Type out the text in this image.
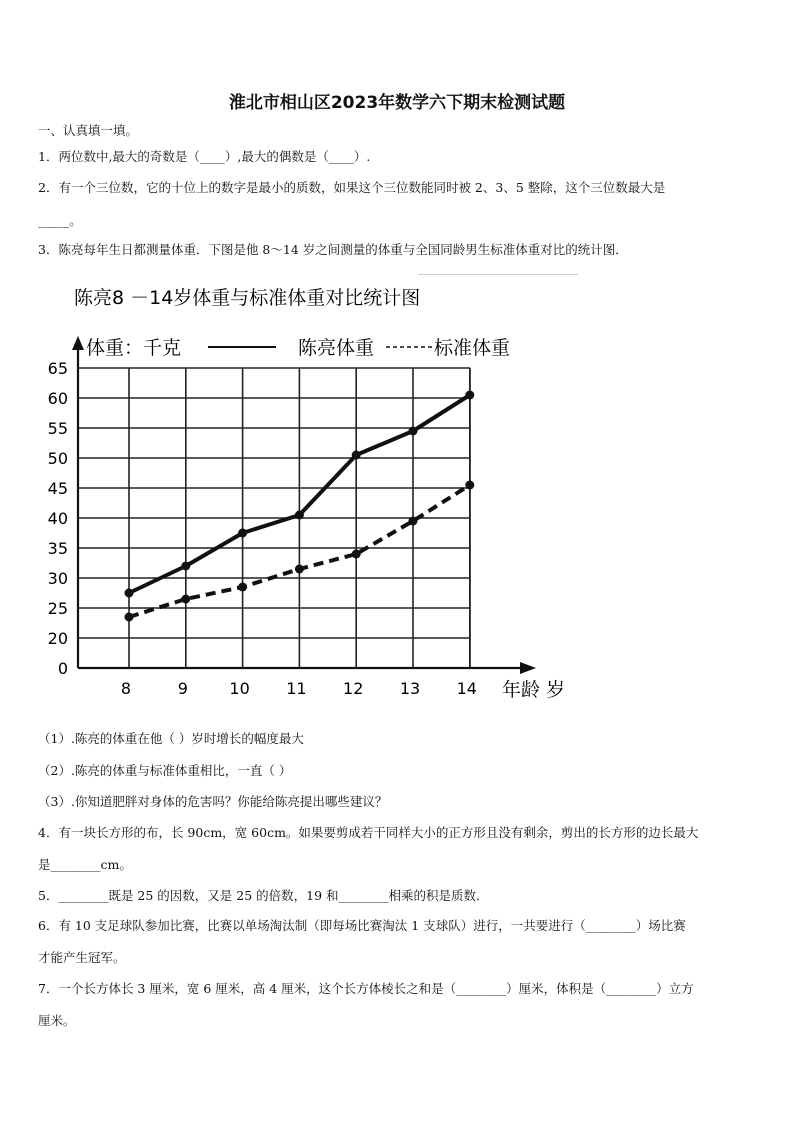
淮北市相山区2023年数学六下期末检测试题
一、认真填一填。
1．两位数中,最大的奇数是（____）,最大的偶数是（____）.
2．有一个三位数，它的十位上的数字是最小的质数，如果这个三位数能同时被 2、3、5 整除，这个三位数最大是
_____。
3．陈亮每年生日都测量体重．下图是他 8～14 岁之间测量的体重与全国同龄男生标准体重对比的统计图．
陈亮8 －14岁体重与标准体重对比统计图
体重：千克	陈亮体重	标准体重
20
25
30
35
40
45
50
55
60
65
0
8	9	10 11 12 13 14 年龄 岁
（1）.陈亮的体重在他（ ）岁时增长的幅度最大
（2）.陈亮的体重与标准体重相比，一直（ ）
（3）.你知道肥胖对身体的危害吗？你能给陈亮提出哪些建议？
4．有一块长方形的布，长 90cm，宽 60cm。如果要剪成若干同样大小的正方形且没有剩余，剪出的长方形的边长最大
是________cm。
5．________既是 25 的因数，又是 25 的倍数，19 和________相乘的积是质数．
6．有 10 支足球队参加比赛，比赛以单场淘汰制（即每场比赛淘汰 1 支球队）进行，一共要进行（________）场比赛
才能产生冠军。
7．一个长方体长 3 厘米，宽 6 厘米，高 4 厘米，这个长方体棱长之和是（________）厘米，体积是（________）立方
厘米。
